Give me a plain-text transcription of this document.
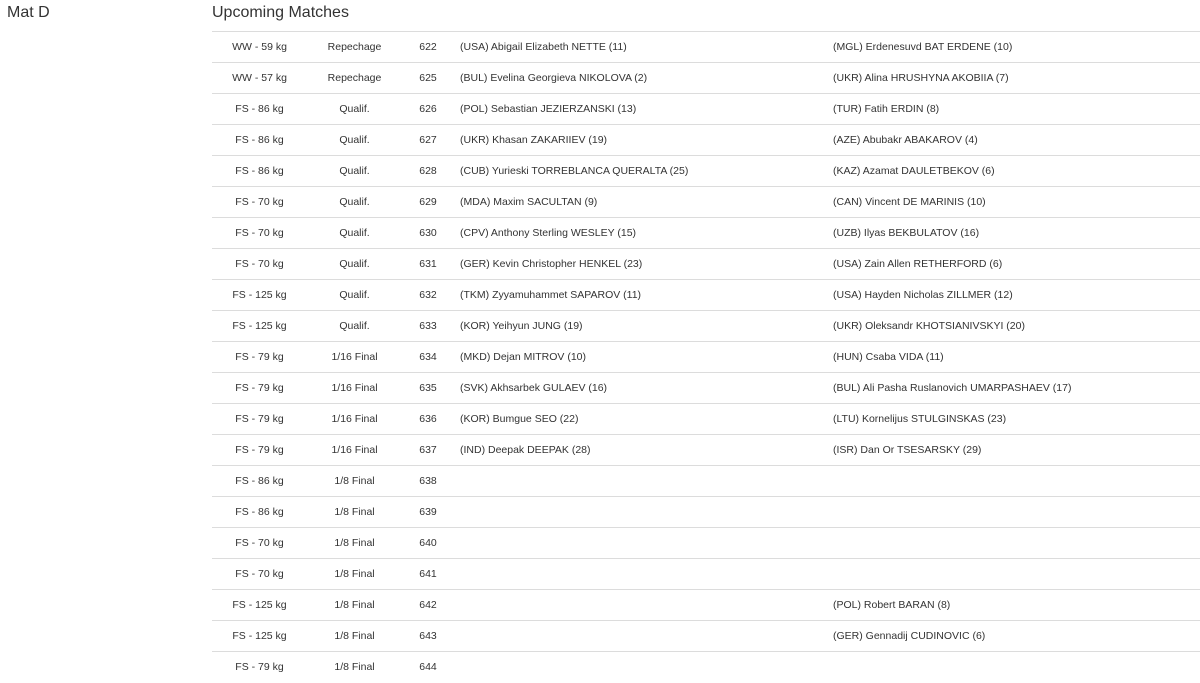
Mat D	Upcoming Matches
WW - 59 kg	Repechage	622	(USA) Abigail Elizabeth NETTE (11)	(MGL) Erdenesuvd BAT ERDENE (10)
WW - 57 kg	Repechage	625	(BUL) Evelina Georgieva NIKOLOVA (2)	(UKR) Alina HRUSHYNA AKOBIIA (7)
FS - 86 kg	Qualif.	626	(POL) Sebastian JEZIERZANSKI (13)	(TUR) Fatih ERDIN (8)
FS - 86 kg	Qualif.	627	(UKR) Khasan ZAKARIIEV (19)	(AZE) Abubakr ABAKAROV (4)
FS - 86 kg	Qualif.	628	(CUB) Yurieski TORREBLANCA QUERALTA (25)	(KAZ) Azamat DAULETBEKOV (6)
FS - 70 kg	Qualif.	629	(MDA) Maxim SACULTAN (9)	(CAN) Vincent DE MARINIS (10)
FS - 70 kg	Qualif.	630	(CPV) Anthony Sterling WESLEY (15)	(UZB) Ilyas BEKBULATOV (16)
FS - 70 kg	Qualif.	631	(GER) Kevin Christopher HENKEL (23)	(USA) Zain Allen RETHERFORD (6)
FS - 125 kg	Qualif.	632	(TKM) Zyyamuhammet SAPAROV (11)	(USA) Hayden Nicholas ZILLMER (12)
FS - 125 kg	Qualif.	633	(KOR) Yeihyun JUNG (19)	(UKR) Oleksandr KHOTSIANIVSKYI (20)
FS - 79 kg	1/16 Final	634	(MKD) Dejan MITROV (10)	(HUN) Csaba VIDA (11)
FS - 79 kg	1/16 Final	635	(SVK) Akhsarbek GULAEV (16)	(BUL) Ali Pasha Ruslanovich UMARPASHAEV (17)
FS - 79 kg	1/16 Final	636	(KOR) Bumgue SEO (22)	(LTU) Kornelijus STULGINSKAS (23)
FS - 79 kg	1/16 Final	637	(IND) Deepak DEEPAK (28)	(ISR) Dan Or TSESARSKY (29)
FS - 86 kg	1/8 Final	638		
FS - 86 kg	1/8 Final	639		
FS - 70 kg	1/8 Final	640		
FS - 70 kg	1/8 Final	641		
FS - 125 kg	1/8 Final	642		(POL) Robert BARAN (8)
FS - 125 kg	1/8 Final	643		(GER) Gennadij CUDINOVIC (6)
FS - 79 kg	1/8 Final	644		
